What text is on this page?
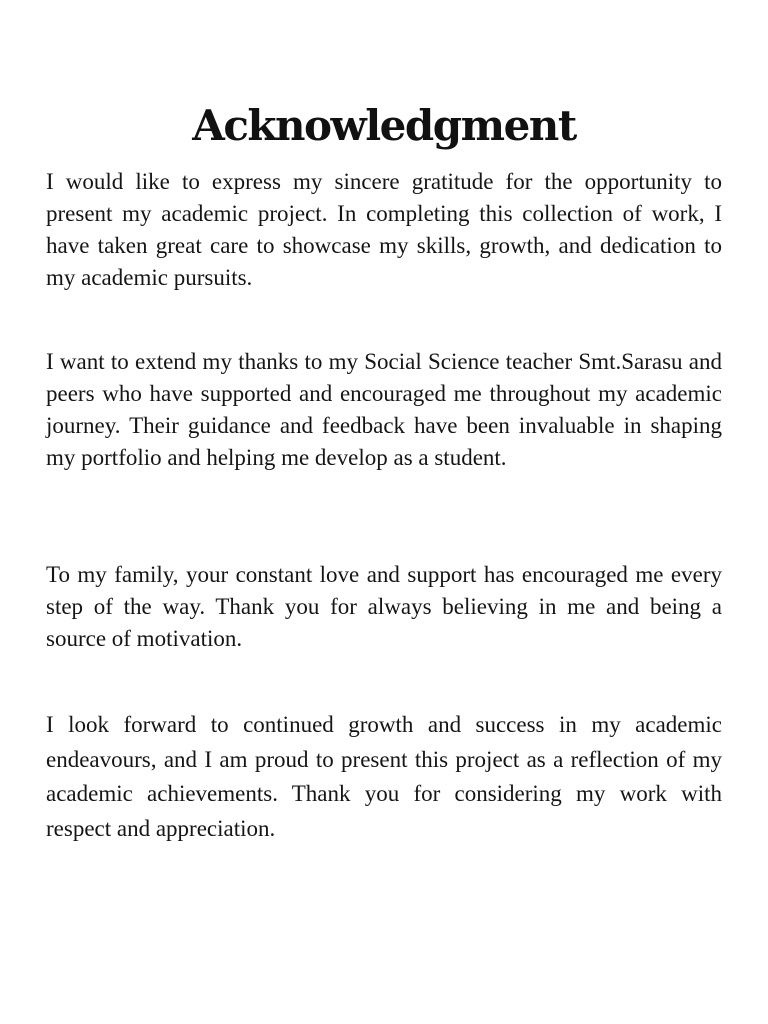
Acknowledgment

I would like to express my sincere gratitude for the opportunity to present my academic project. In completing this collection of work, I have taken great care to showcase my skills, growth, and dedication to my academic pursuits.

I want to extend my thanks to my Social Science teacher Smt.Sarasu and peers who have supported and encouraged me throughout my academic journey. Their guidance and feedback have been invaluable in shaping my portfolio and helping me develop as a student.

To my family, your constant love and support has encouraged me every step of the way. Thank you for always believing in me and being a source of motivation.

I look forward to continued growth and success in my academic endeavours, and I am proud to present this project as a reflection of my academic achievements. Thank you for considering my work with respect and appreciation.
